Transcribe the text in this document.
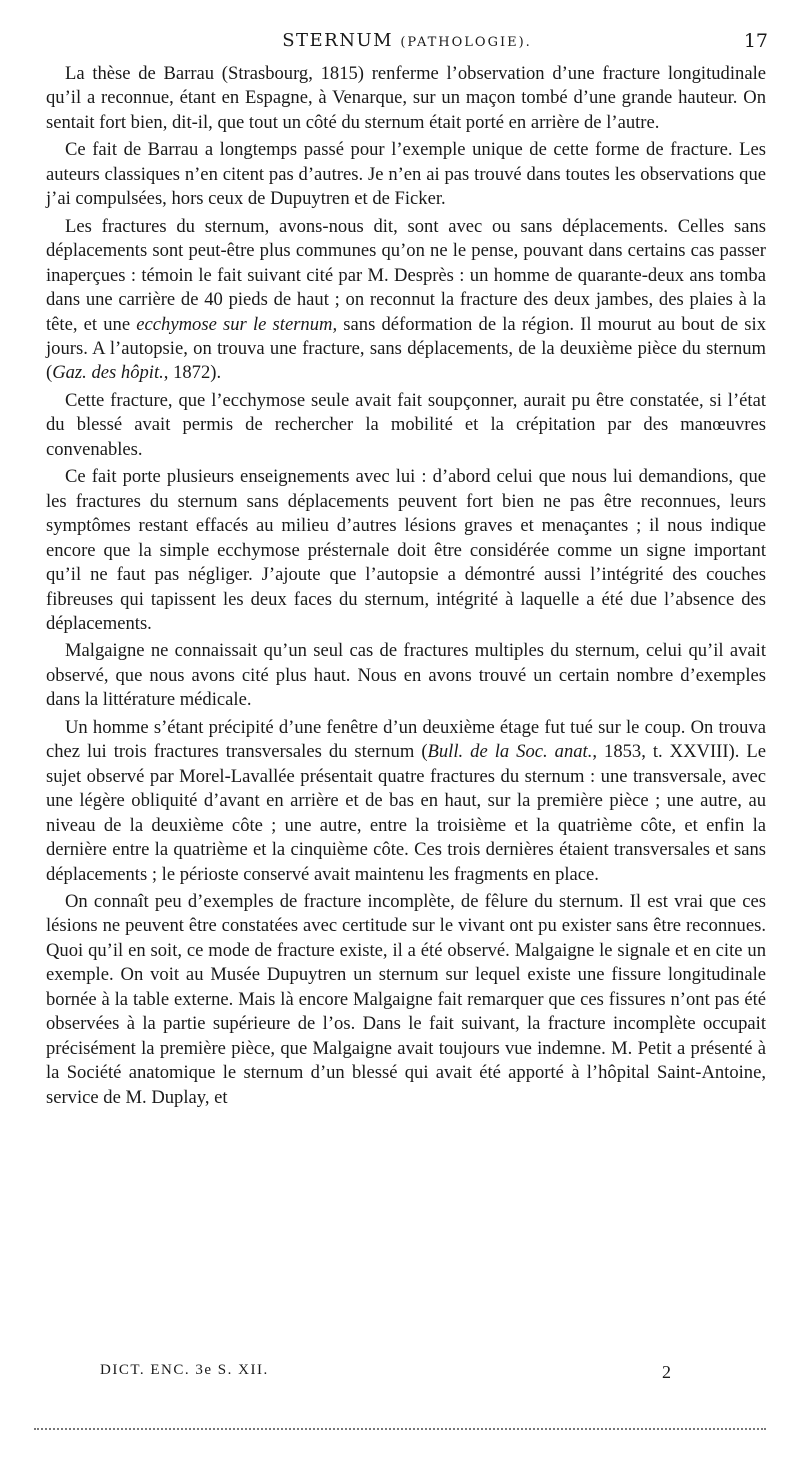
STERNUM (PATHOLOGIE).	17

La thèse de Barrau (Strasbourg, 1815) renferme l’observation d’une fracture longitudinale qu’il a reconnue, étant en Espagne, à Venarque, sur un maçon tombé d’une grande hauteur. On sentait fort bien, dit-il, que tout un côté du sternum était porté en arrière de l’autre.

Ce fait de Barrau a longtemps passé pour l’exemple unique de cette forme de fracture. Les auteurs classiques n’en citent pas d’autres. Je n’en ai pas trouvé dans toutes les observations que j’ai compulsées, hors ceux de Dupuytren et de Ficker.

Les fractures du sternum, avons-nous dit, sont avec ou sans déplacements. Celles sans déplacements sont peut-être plus communes qu’on ne le pense, pouvant dans certains cas passer inaperçues : témoin le fait suivant cité par M. Desprès : un homme de quarante-deux ans tomba dans une carrière de 40 pieds de haut ; on reconnut la fracture des deux jambes, des plaies à la tête, et une ecchymose sur le sternum, sans déformation de la région. Il mourut au bout de six jours. A l’autopsie, on trouva une fracture, sans déplacements, de la deuxième pièce du sternum (Gaz. des hôpit., 1872).

Cette fracture, que l’ecchymose seule avait fait soupçonner, aurait pu être constatée, si l’état du blessé avait permis de rechercher la mobilité et la crépitation par des manœuvres convenables.

Ce fait porte plusieurs enseignements avec lui : d’abord celui que nous lui demandions, que les fractures du sternum sans déplacements peuvent fort bien ne pas être reconnues, leurs symptômes restant effacés au milieu d’autres lésions graves et menaçantes ; il nous indique encore que la simple ecchymose présternale doit être considérée comme un signe important qu’il ne faut pas négliger. J’ajoute que l’autopsie a démontré aussi l’intégrité des couches fibreuses qui tapissent les deux faces du sternum, intégrité à laquelle a été due l’absence des déplacements.

Malgaigne ne connaissait qu’un seul cas de fractures multiples du sternum, celui qu’il avait observé, que nous avons cité plus haut. Nous en avons trouvé un certain nombre d’exemples dans la littérature médicale.

Un homme s’étant précipité d’une fenêtre d’un deuxième étage fut tué sur le coup. On trouva chez lui trois fractures transversales du sternum (Bull. de la Soc. anat., 1853, t. XXVIII). Le sujet observé par Morel-Lavallée présentait quatre fractures du sternum : une transversale, avec une légère obliquité d’avant en arrière et de bas en haut, sur la première pièce ; une autre, au niveau de la deuxième côte ; une autre, entre la troisième et la quatrième côte, et enfin la dernière entre la quatrième et la cinquième côte. Ces trois dernières étaient transversales et sans déplacements ; le périoste conservé avait maintenu les fragments en place.

On connaît peu d’exemples de fracture incomplète, de fêlure du sternum. Il est vrai que ces lésions ne peuvent être constatées avec certitude sur le vivant ont pu exister sans être reconnues. Quoi qu’il en soit, ce mode de fracture existe, il a été observé. Malgaigne le signale et en cite un exemple. On voit au Musée Dupuytren un sternum sur lequel existe une fissure longitudinale bornée à la table externe. Mais là encore Malgaigne fait remarquer que ces fissures n’ont pas été observées à la partie supérieure de l’os. Dans le fait suivant, la fracture incomplète occupait précisément la première pièce, que Malgaigne avait toujours vue indemne. M. Petit a présenté à la Société anatomique le sternum d’un blessé qui avait été apporté à l’hôpital Saint-Antoine, service de M. Duplay, et

DICT. ENC. 3e S. XII.	2
